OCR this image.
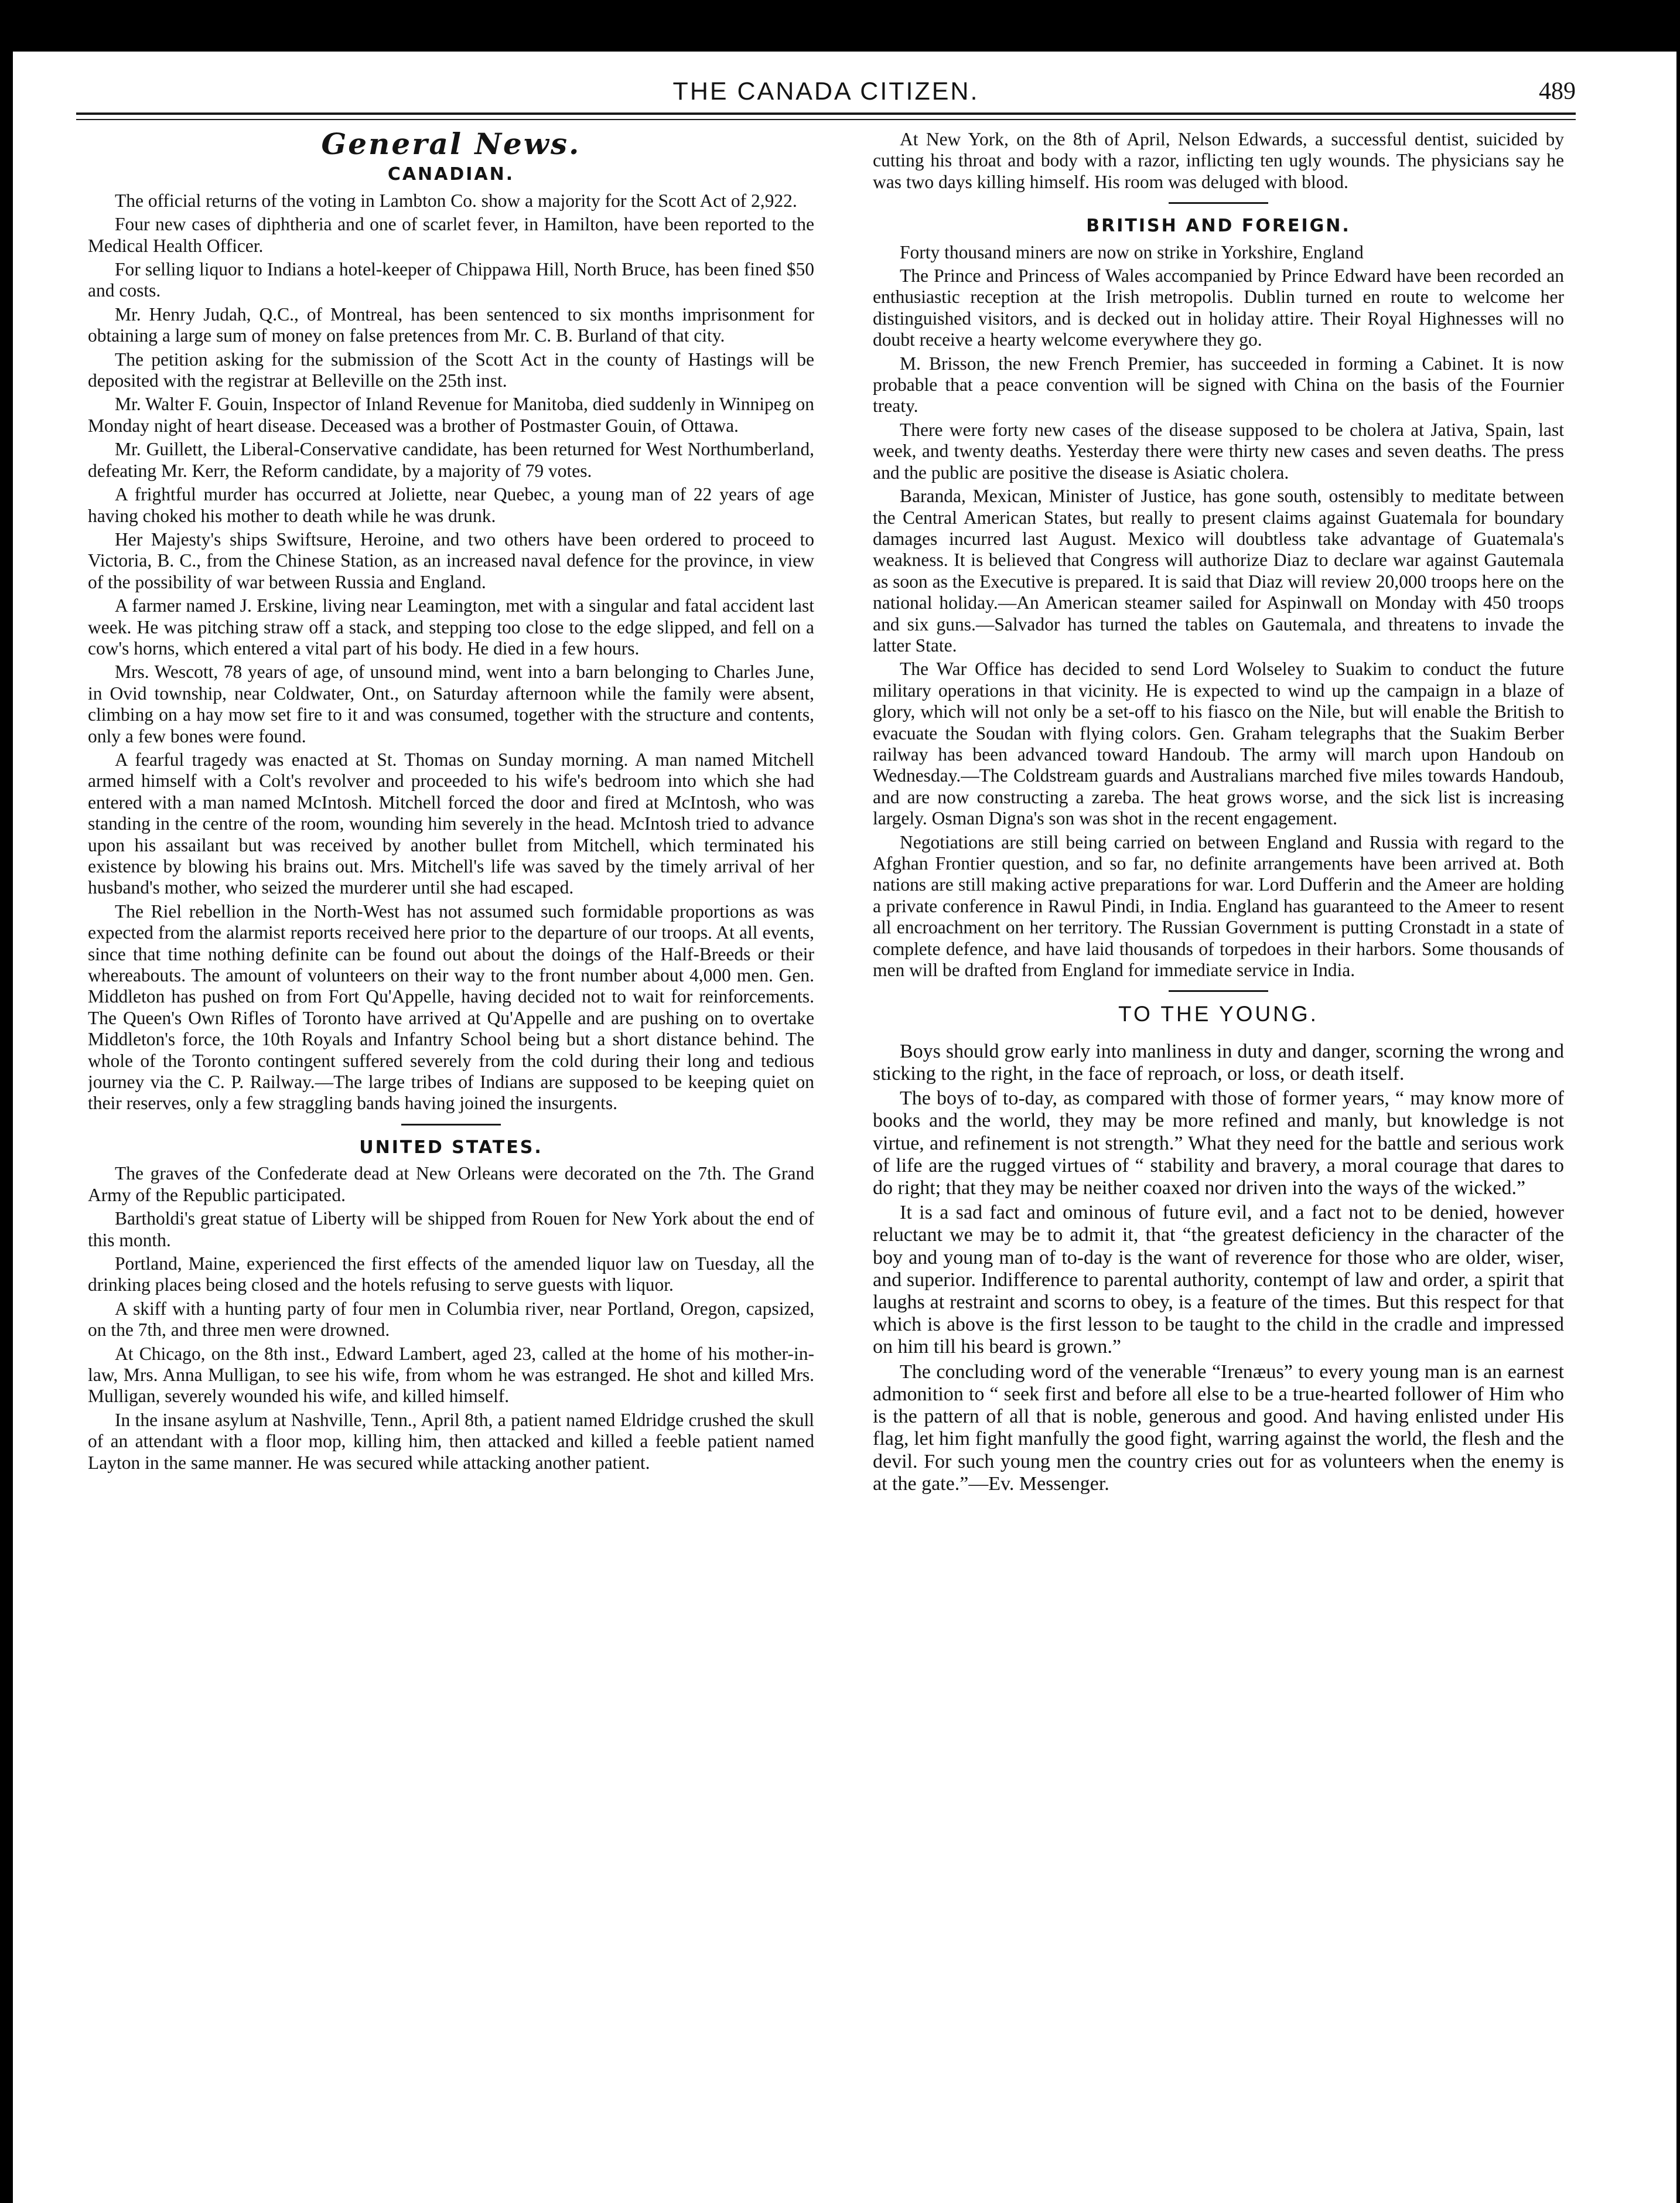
THE CANADA CITIZEN.	489
General News.
CANADIAN.

The official returns of the voting in Lambton Co. show a majority for the Scott Act of 2,922.

Four new cases of diphtheria and one of scarlet fever, in Hamilton, have been reported to the Medical Health Officer.

For selling liquor to Indians a hotel-keeper of Chippawa Hill, North Bruce, has been fined $50 and costs.

Mr. Henry Judah, Q.C., of Montreal, has been sentenced to six months imprisonment for obtaining a large sum of money on false pretences from Mr. C. B. Burland of that city.

The petition asking for the submission of the Scott Act in the county of Hastings will be deposited with the registrar at Belleville on the 25th inst.

Mr. Walter F. Gouin, Inspector of Inland Revenue for Manitoba, died suddenly in Winnipeg on Monday night of heart disease. Deceased was a brother of Postmaster Gouin, of Ottawa.

Mr. Guillett, the Liberal-Conservative candidate, has been returned for West Northumberland, defeating Mr. Kerr, the Reform candidate, by a majority of 79 votes.

A frightful murder has occurred at Joliette, near Quebec, a young man of 22 years of age having choked his mother to death while he was drunk.

Her Majesty's ships Swiftsure, Heroine, and two others have been ordered to proceed to Victoria, B. C., from the Chinese Station, as an increased naval defence for the province, in view of the possibility of war between Russia and England.

A farmer named J. Erskine, living near Leamington, met with a singular and fatal accident last week. He was pitching straw off a stack, and stepping too close to the edge slipped, and fell on a cow's horns, which entered a vital part of his body. He died in a few hours.

Mrs. Wescott, 78 years of age, of unsound mind, went into a barn belonging to Charles June, in Ovid township, near Coldwater, Ont., on Saturday afternoon while the family were absent, climbing on a hay mow set fire to it and was consumed, together with the structure and contents, only a few bones were found.

A fearful tragedy was enacted at St. Thomas on Sunday morning. A man named Mitchell armed himself with a Colt's revolver and proceeded to his wife's bedroom into which she had entered with a man named McIntosh. Mitchell forced the door and fired at McIntosh, who was standing in the centre of the room, wounding him severely in the head. McIntosh tried to advance upon his assailant but was received by another bullet from Mitchell, which terminated his existence by blowing his brains out. Mrs. Mitchell's life was saved by the timely arrival of her husband's mother, who seized the murderer until she had escaped.

The Riel rebellion in the North-West has not assumed such formidable proportions as was expected from the alarmist reports received here prior to the departure of our troops. At all events, since that time nothing definite can be found out about the doings of the Half-Breeds or their whereabouts. The amount of volunteers on their way to the front number about 4,000 men. Gen. Middleton has pushed on from Fort Qu'Appelle, having decided not to wait for reinforcements. The Queen's Own Rifles of Toronto have arrived at Qu'Appelle and are pushing on to overtake Middleton's force, the 10th Royals and Infantry School being but a short distance behind. The whole of the Toronto contingent suffered severely from the cold during their long and tedious journey via the C. P. Railway.—The large tribes of Indians are supposed to be keeping quiet on their reserves, only a few straggling bands having joined the insurgents.

UNITED STATES.

The graves of the Confederate dead at New Orleans were decorated on the 7th. The Grand Army of the Republic participated.

Bartholdi's great statue of Liberty will be shipped from Rouen for New York about the end of this month.

Portland, Maine, experienced the first effects of the amended liquor law on Tuesday, all the drinking places being closed and the hotels refusing to serve guests with liquor.

A skiff with a hunting party of four men in Columbia river, near Portland, Oregon, capsized, on the 7th, and three men were drowned.

At Chicago, on the 8th inst., Edward Lambert, aged 23, called at the home of his mother-in-law, Mrs. Anna Mulligan, to see his wife, from whom he was estranged. He shot and killed Mrs. Mulligan, severely wounded his wife, and killed himself.

In the insane asylum at Nashville, Tenn., April 8th, a patient named Eldridge crushed the skull of an attendant with a floor mop, killing him, then attacked and killed a feeble patient named Layton in the same manner. He was secured while attacking another patient.

At New York, on the 8th of April, Nelson Edwards, a successful dentist, suicided by cutting his throat and body with a razor, inflicting ten ugly wounds. The physicians say he was two days killing himself. His room was deluged with blood.

BRITISH AND FOREIGN.

Forty thousand miners are now on strike in Yorkshire, England

The Prince and Princess of Wales accompanied by Prince Edward have been recorded an enthusiastic reception at the Irish metropolis. Dublin turned en route to welcome her distinguished visitors, and is decked out in holiday attire. Their Royal Highnesses will no doubt receive a hearty welcome everywhere they go.

M. Brisson, the new French Premier, has succeeded in forming a Cabinet. It is now probable that a peace convention will be signed with China on the basis of the Fournier treaty.

There were forty new cases of the disease supposed to be cholera at Jativa, Spain, last week, and twenty deaths. Yesterday there were thirty new cases and seven deaths. The press and the public are positive the disease is Asiatic cholera.

Baranda, Mexican, Minister of Justice, has gone south, ostensibly to meditate between the Central American States, but really to present claims against Guatemala for boundary damages incurred last August. Mexico will doubtless take advantage of Guatemala's weakness. It is believed that Congress will authorize Diaz to declare war against Gautemala as soon as the Executive is prepared. It is said that Diaz will review 20,000 troops here on the national holiday.—An American steamer sailed for Aspinwall on Monday with 450 troops and six guns.—Salvador has turned the tables on Gautemala, and threatens to invade the latter State.

The War Office has decided to send Lord Wolseley to Suakim to conduct the future military operations in that vicinity. He is expected to wind up the campaign in a blaze of glory, which will not only be a set-off to his fiasco on the Nile, but will enable the British to evacuate the Soudan with flying colors. Gen. Graham telegraphs that the Suakim Berber railway has been advanced toward Handoub. The army will march upon Handoub on Wednesday.—The Coldstream guards and Australians marched five miles towards Handoub, and are now constructing a zareba. The heat grows worse, and the sick list is increasing largely. Osman Digna's son was shot in the recent engagement.

Negotiations are still being carried on between England and Russia with regard to the Afghan Frontier question, and so far, no definite arrangements have been arrived at. Both nations are still making active preparations for war. Lord Dufferin and the Ameer are holding a private conference in Rawul Pindi, in India. England has guaranteed to the Ameer to resent all encroachment on her territory. The Russian Government is putting Cronstadt in a state of complete defence, and have laid thousands of torpedoes in their harbors. Some thousands of men will be drafted from England for immediate service in India.

TO THE YOUNG.

Boys should grow early into manliness in duty and danger, scorning the wrong and sticking to the right, in the face of reproach, or loss, or death itself.

The boys of to-day, as compared with those of former years, “ may know more of books and the world, they may be more refined and manly, but knowledge is not virtue, and refinement is not strength.” What they need for the battle and serious work of life are the rugged virtues of “ stability and bravery, a moral courage that dares to do right; that they may be neither coaxed nor driven into the ways of the wicked.”

It is a sad fact and ominous of future evil, and a fact not to be denied, however reluctant we may be to admit it, that “the greatest deficiency in the character of the boy and young man of to-day is the want of reverence for those who are older, wiser, and superior. Indifference to parental authority, contempt of law and order, a spirit that laughs at restraint and scorns to obey, is a feature of the times. But this respect for that which is above is the first lesson to be taught to the child in the cradle and impressed on him till his beard is grown.”

The concluding word of the venerable “Irenæus” to every young man is an earnest admonition to “ seek first and before all else to be a true-hearted follower of Him who is the pattern of all that is noble, generous and good. And having enlisted under His flag, let him fight manfully the good fight, warring against the world, the flesh and the devil. For such young men the country cries out for as volunteers when the enemy is at the gate.”—Ev. Messenger.
